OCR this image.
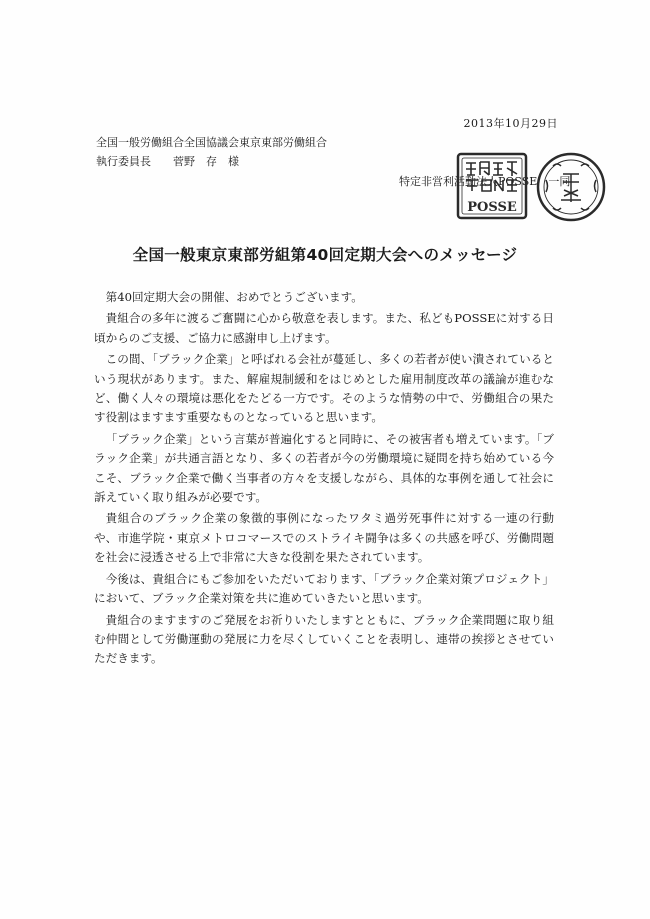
2013年10月29日
全国一般労働組合全国協議会東京東部労働組合
執行委員長　　菅野　存　様
特定非営利活動法人POSSE　一同
POSSE
全国一般東京東部労組第40回定期大会へのメッセージ

第40回定期大会の開催、おめでとうございます。

貴組合の多年に渡るご奮闘に心から敬意を表します。また、私どもPOSSEに対する日頃からのご支援、ご協力に感謝申し上げます。

この間、「ブラック企業」と呼ばれる会社が蔓延し、多くの若者が使い潰されているという現状があります。また、解雇規制緩和をはじめとした雇用制度改革の議論が進むなど、働く人々の環境は悪化をたどる一方です。そのような情勢の中で、労働組合の果たす役割はますます重要なものとなっていると思います。

「ブラック企業」という言葉が普遍化すると同時に、その被害者も増えています。「ブラック企業」が共通言語となり、多くの若者が今の労働環境に疑問を持ち始めている今こそ、ブラック企業で働く当事者の方々を支援しながら、具体的な事例を通して社会に訴えていく取り組みが必要です。

貴組合のブラック企業の象徴的事例になったワタミ過労死事件に対する一連の行動や、市進学院・東京メトロコマースでのストライキ闘争は多くの共感を呼び、労働問題を社会に浸透させる上で非常に大きな役割を果たされています。

今後は、貴組合にもご参加をいただいております、「ブラック企業対策プロジェクト」において、ブラック企業対策を共に進めていきたいと思います。

貴組合のますますのご発展をお祈りいたしますとともに、ブラック企業問題に取り組む仲間として労働運動の発展に力を尽くしていくことを表明し、連帯の挨拶とさせていただきます。
